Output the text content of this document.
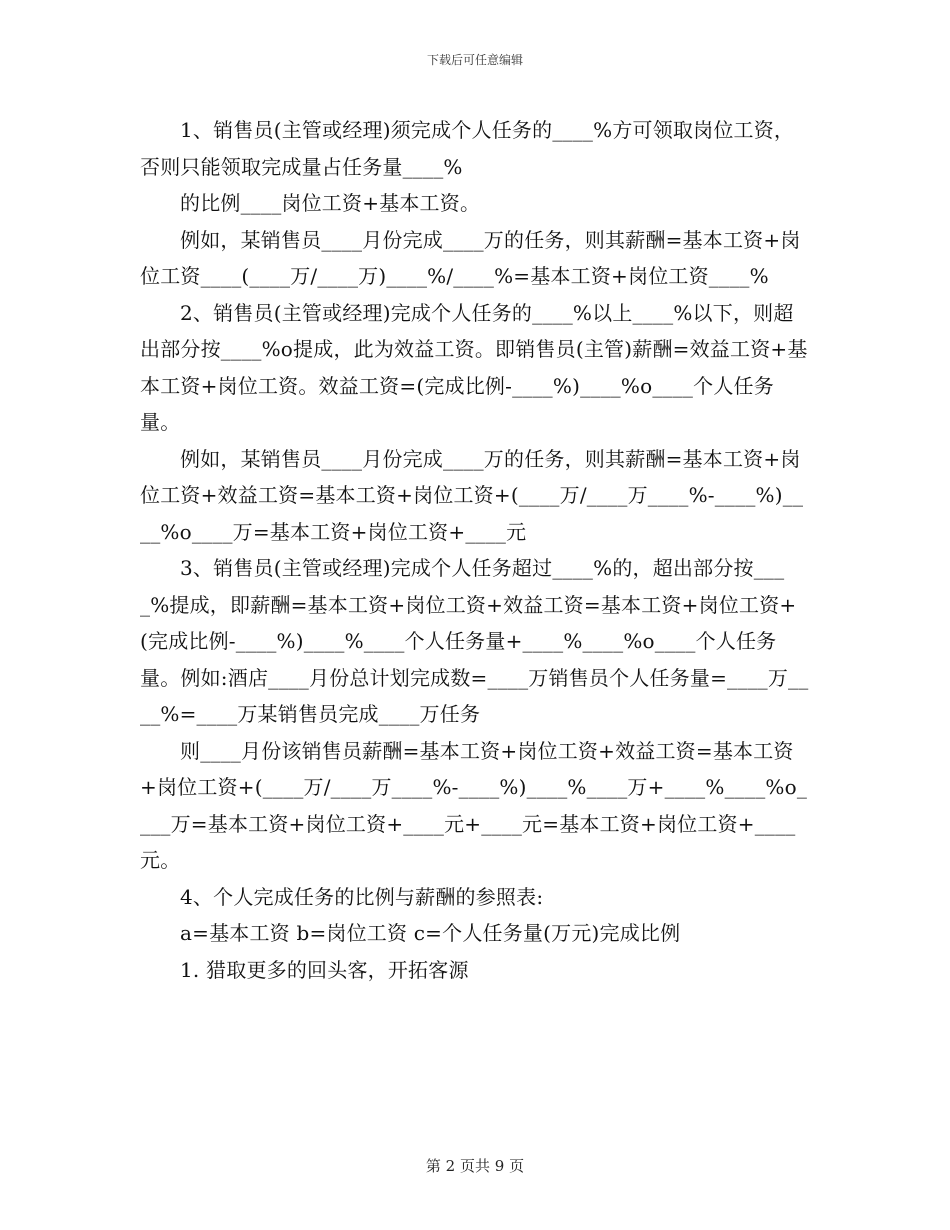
下载后可任意编辑

1、销售员(主管或经理)须完成个人任务的____%方可领取岗位工资，否则只能领取完成量占任务量____%

的比例____岗位工资+基本工资。

例如，某销售员____月份完成____万的任务，则其薪酬=基本工资+岗位工资____(____万/____万)____%/____%=基本工资+岗位工资____%

2、销售员(主管或经理)完成个人任务的____%以上____%以下，则超出部分按____%o提成，此为效益工资。即销售员(主管)薪酬=效益工资+基本工资+岗位工资。效益工资=(完成比例-____%)____%o____个人任务量。

例如，某销售员____月份完成____万的任务，则其薪酬=基本工资+岗位工资+效益工资=基本工资+岗位工资+(____万/____万____%-____%)____%o____万=基本工资+岗位工资+____元

3、销售员(主管或经理)完成个人任务超过____%的，超出部分按____%提成，即薪酬=基本工资+岗位工资+效益工资=基本工资+岗位工资+(完成比例-____%)____%____个人任务量+____%____%o____个人任务量。例如:酒店____月份总计划完成数=____万销售员个人任务量=____万____%=____万某销售员完成____万任务

则____月份该销售员薪酬=基本工资+岗位工资+效益工资=基本工资+岗位工资+(____万/____万____%-____%)____%____万+____%____%o____万=基本工资+岗位工资+____元+____元=基本工资+岗位工资+____元。

4、个人完成任务的比例与薪酬的参照表:

a=基本工资 b=岗位工资 c=个人任务量(万元)完成比例

1. 猎取更多的回头客，开拓客源

第 2 页共 9 页
